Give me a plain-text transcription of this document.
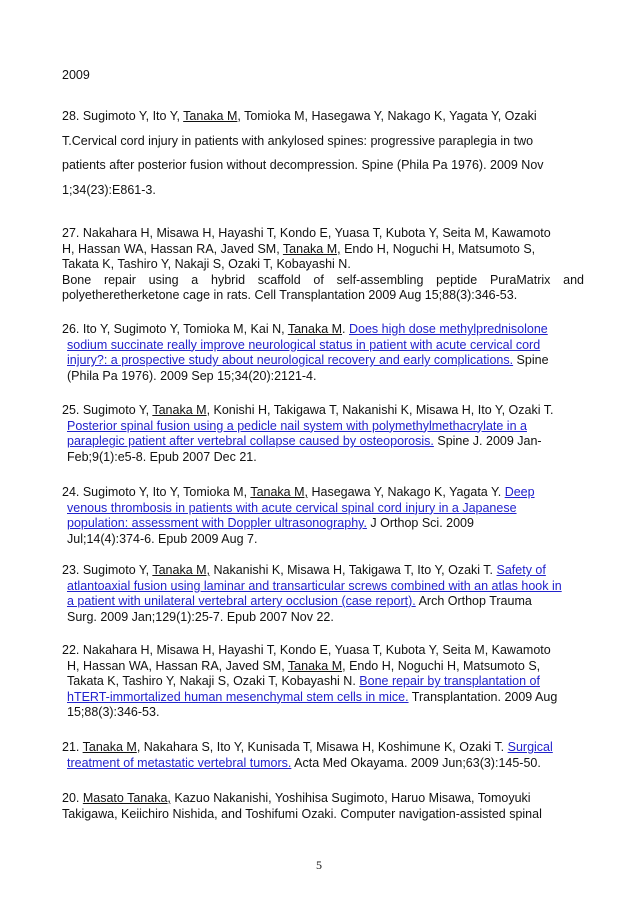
2009

28. Sugimoto Y, Ito Y, Tanaka M, Tomioka M, Hasegawa Y, Nakago K, Yagata Y, Ozaki

T.Cervical cord injury in patients with ankylosed spines: progressive paraplegia in two

patients after posterior fusion without decompression. Spine (Phila Pa 1976). 2009 Nov

1;34(23):E861-3.

27. Nakahara H, Misawa H, Hayashi T, Kondo E, Yuasa T, Kubota Y, Seita M, Kawamoto

H, Hassan WA, Hassan RA, Javed SM, Tanaka M, Endo H, Noguchi H, Matsumoto S,

Takata K, Tashiro Y, Nakaji S, Ozaki T, Kobayashi N.

Bone repair using a hybrid scaffold of self-assembling peptide PuraMatrix and

polyetheretherketone cage in rats. Cell Transplantation 2009 Aug 15;88(3):346-53.

26. Ito Y, Sugimoto Y, Tomioka M, Kai N, Tanaka M. Does high dose methylprednisolone

sodium succinate really improve neurological status in patient with acute cervical cord

injury?: a prospective study about neurological recovery and early complications. Spine

(Phila Pa 1976). 2009 Sep 15;34(20):2121-4.

25. Sugimoto Y, Tanaka M, Konishi H, Takigawa T, Nakanishi K, Misawa H, Ito Y, Ozaki T.

Posterior spinal fusion using a pedicle nail system with polymethylmethacrylate in a

paraplegic patient after vertebral collapse caused by osteoporosis. Spine J. 2009 Jan-

Feb;9(1):e5-8. Epub 2007 Dec 21.

24. Sugimoto Y, Ito Y, Tomioka M, Tanaka M, Hasegawa Y, Nakago K, Yagata Y. Deep

venous thrombosis in patients with acute cervical spinal cord injury in a Japanese

population: assessment with Doppler ultrasonography. J Orthop Sci. 2009

Jul;14(4):374-6. Epub 2009 Aug 7.

23. Sugimoto Y, Tanaka M, Nakanishi K, Misawa H, Takigawa T, Ito Y, Ozaki T. Safety of

atlantoaxial fusion using laminar and transarticular screws combined with an atlas hook in

a patient with unilateral vertebral artery occlusion (case report). Arch Orthop Trauma

Surg. 2009 Jan;129(1):25-7. Epub 2007 Nov 22.

22. Nakahara H, Misawa H, Hayashi T, Kondo E, Yuasa T, Kubota Y, Seita M, Kawamoto

H, Hassan WA, Hassan RA, Javed SM, Tanaka M, Endo H, Noguchi H, Matsumoto S,

Takata K, Tashiro Y, Nakaji S, Ozaki T, Kobayashi N. Bone repair by transplantation of

hTERT-immortalized human mesenchymal stem cells in mice. Transplantation. 2009 Aug

15;88(3):346-53.

21. Tanaka M, Nakahara S, Ito Y, Kunisada T, Misawa H, Koshimune K, Ozaki T. Surgical

treatment of metastatic vertebral tumors. Acta Med Okayama. 2009 Jun;63(3):145-50.

20. Masato Tanaka, Kazuo Nakanishi, Yoshihisa Sugimoto, Haruo Misawa, Tomoyuki

Takigawa, Keiichiro Nishida, and Toshifumi Ozaki. Computer navigation-assisted spinal

5
